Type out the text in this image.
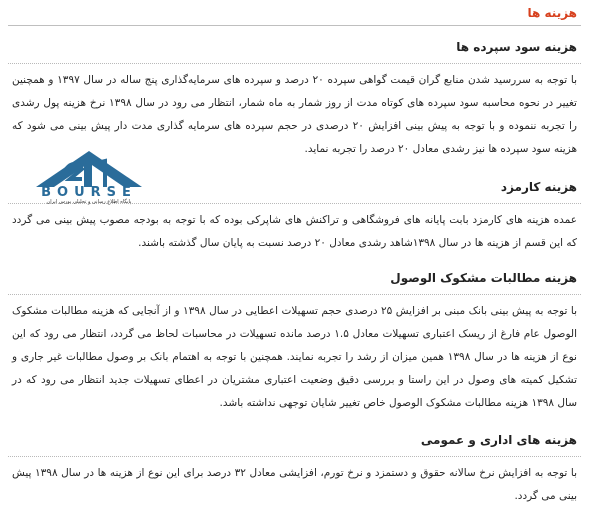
هزینه ها
هزینه سود سپرده ها
با توجه به سررسید شدن منابع گران قیمت گواهی سپرده ۲۰ درصد و سپرده های سرمایه‌گذاری پنج ساله در سال ۱۳۹۷ و همچنین تغییر در نحوه محاسبه سود سپرده های کوتاه مدت از روز شمار به ماه شمار، انتظار می رود در سال ۱۳۹۸ نرخ هزینه پول رشدی را تجربه ننموده و با توجه به پیش بینی افزایش ۲۰ درصدی در حجم سپرده های سرمایه گذاری مدت دار پیش بینی می شود که هزینه سود سپرده ها نیز رشدی معادل ۲۰ درصد را تجربه نماید.
هزینه کارمزد
عمده هزینه های کارمزد بابت پایانه های فروشگاهی و تراکنش های شاپرکی بوده که با توجه به بودجه مصوب پیش بینی می گردد که این قسم از هزینه ها در سال ۱۳۹۸شاهد رشدی معادل ۲۰ درصد نسبت به پایان سال گذشته باشند.
BOURSE
پایگاه اطلاع رسانی و تحلیلی بورس ایران
هزینه مطالبات مشکوک الوصول
با توجه به پیش بینی بانک مبنی بر افزایش ۲۵ درصدی حجم تسهیلات اعطایی در سال ۱۳۹۸ و از آنجایی که هزینه مطالبات مشکوک الوصول عام فارغ از ریسک اعتباری تسهیلات معادل ۱.۵ درصد مانده تسهیلات در محاسبات لحاظ می گردد، انتظار می رود که این نوع از هزینه ها در سال ۱۳۹۸ همین میزان از رشد را تجربه نمایند. همچنین با توجه به اهتمام بانک بر وصول مطالبات غیر جاری و تشکیل کمیته های وصول در این راستا و بررسی دقیق وضعیت اعتباری مشتریان در اعطای تسهیلات جدید انتظار می رود که در سال ۱۳۹۸ هزینه مطالبات مشکوک الوصول خاص تغییر شایان توجهی نداشته باشد.
هزینه های اداری و عمومی
با توجه به افزایش نرخ سالانه حقوق و دستمزد و نرخ تورم، افزایشی معادل ۳۲ درصد برای این نوع از هزینه ها در سال ۱۳۹۸ پیش بینی می گردد.
